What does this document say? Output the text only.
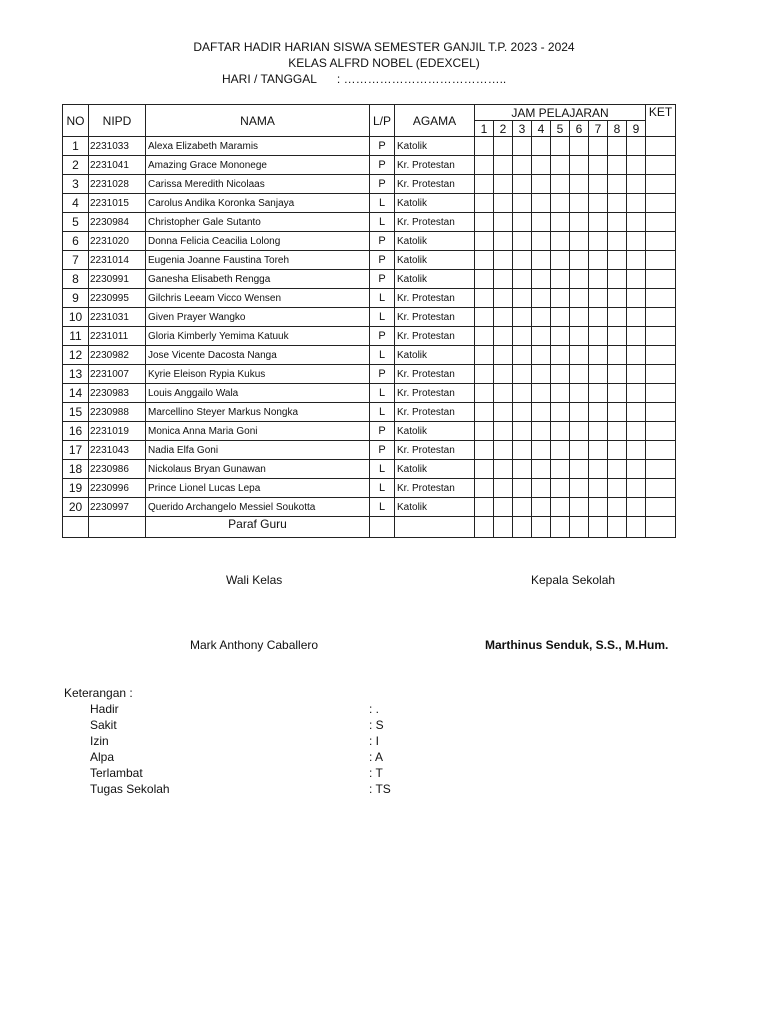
DAFTAR HADIR HARIAN SISWA SEMESTER GANJIL T.P. 2023 - 2024
KELAS ALFRD NOBEL (EDEXCEL)
HARI / TANGGAL : …………………………………..
NO	NIPD	NAMA	L/P	AGAMA	JAM PELAJARAN									KET
					1	2	3	4	5	6	7	8	9	
1	2231033	Alexa Elizabeth Maramis	P	Katolik										
2	2231041	Amazing Grace Mononege	P	Kr. Protestan										
3	2231028	Carissa Meredith Nicolaas	P	Kr. Protestan										
4	2231015	Carolus Andika Koronka Sanjaya	L	Katolik										
5	2230984	Christopher Gale Sutanto	L	Kr. Protestan										
6	2231020	Donna Felicia Ceacilia Lolong	P	Katolik										
7	2231014	Eugenia Joanne Faustina Toreh	P	Katolik										
8	2230991	Ganesha Elisabeth Rengga	P	Katolik										
9	2230995	Gilchris Leeam Vicco Wensen	L	Kr. Protestan										
10	2231031	Given Prayer Wangko	L	Kr. Protestan										
11	2231011	Gloria Kimberly Yemima Katuuk	P	Kr. Protestan										
12	2230982	Jose Vicente Dacosta Nanga	L	Katolik										
13	2231007	Kyrie Eleison Rypia Kukus	P	Kr. Protestan										
14	2230983	Louis Anggailo Wala	L	Kr. Protestan										
15	2230988	Marcellino Steyer Markus Nongka	L	Kr. Protestan										
16	2231019	Monica Anna Maria Goni	P	Katolik										
17	2231043	Nadia Elfa Goni	P	Kr. Protestan										
18	2230986	Nickolaus Bryan Gunawan	L	Katolik										
19	2230996	Prince Lionel Lucas Lepa	L	Kr. Protestan										
20	2230997	Querido Archangelo Messiel Soukotta	L	Katolik										
		Paraf Guru												
Wali Kelas	Kepala Sekolah
Mark Anthony Caballero	Marthinus Senduk, S.S., M.Hum.
Keterangan :
Hadir	: .
Sakit	: S
Izin	: I
Alpa	: A
Terlambat	: T
Tugas Sekolah	: TS
